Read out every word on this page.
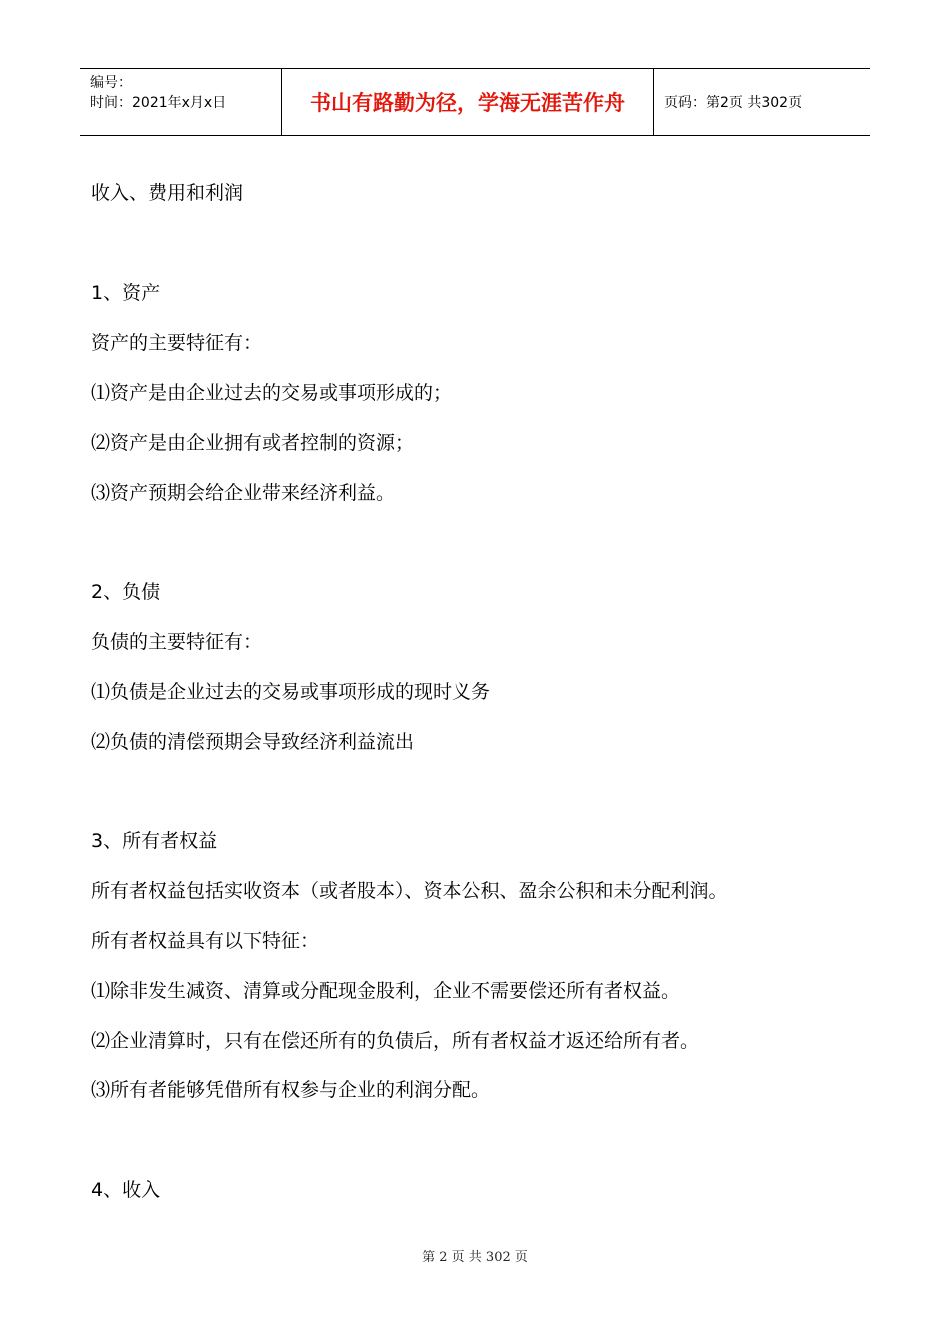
编号：
时间：2021年x月x日	书山有路勤为径，学海无涯苦作舟	页码：第2页 共302页
收入、费用和利润
1、资产
资产的主要特征有：
⑴资产是由企业过去的交易或事项形成的；
⑵资产是由企业拥有或者控制的资源；
⑶资产预期会给企业带来经济利益。
2、负债
负债的主要特征有：
⑴负债是企业过去的交易或事项形成的现时义务
⑵负债的清偿预期会导致经济利益流出
3、所有者权益
所有者权益包括实收资本（或者股本）、资本公积、盈余公积和未分配利润。
所有者权益具有以下特征：
⑴除非发生减资、清算或分配现金股利，企业不需要偿还所有者权益。
⑵企业清算时，只有在偿还所有的负债后，所有者权益才返还给所有者。
⑶所有者能够凭借所有权参与企业的利润分配。
4、收入
第 2 页 共 302 页
